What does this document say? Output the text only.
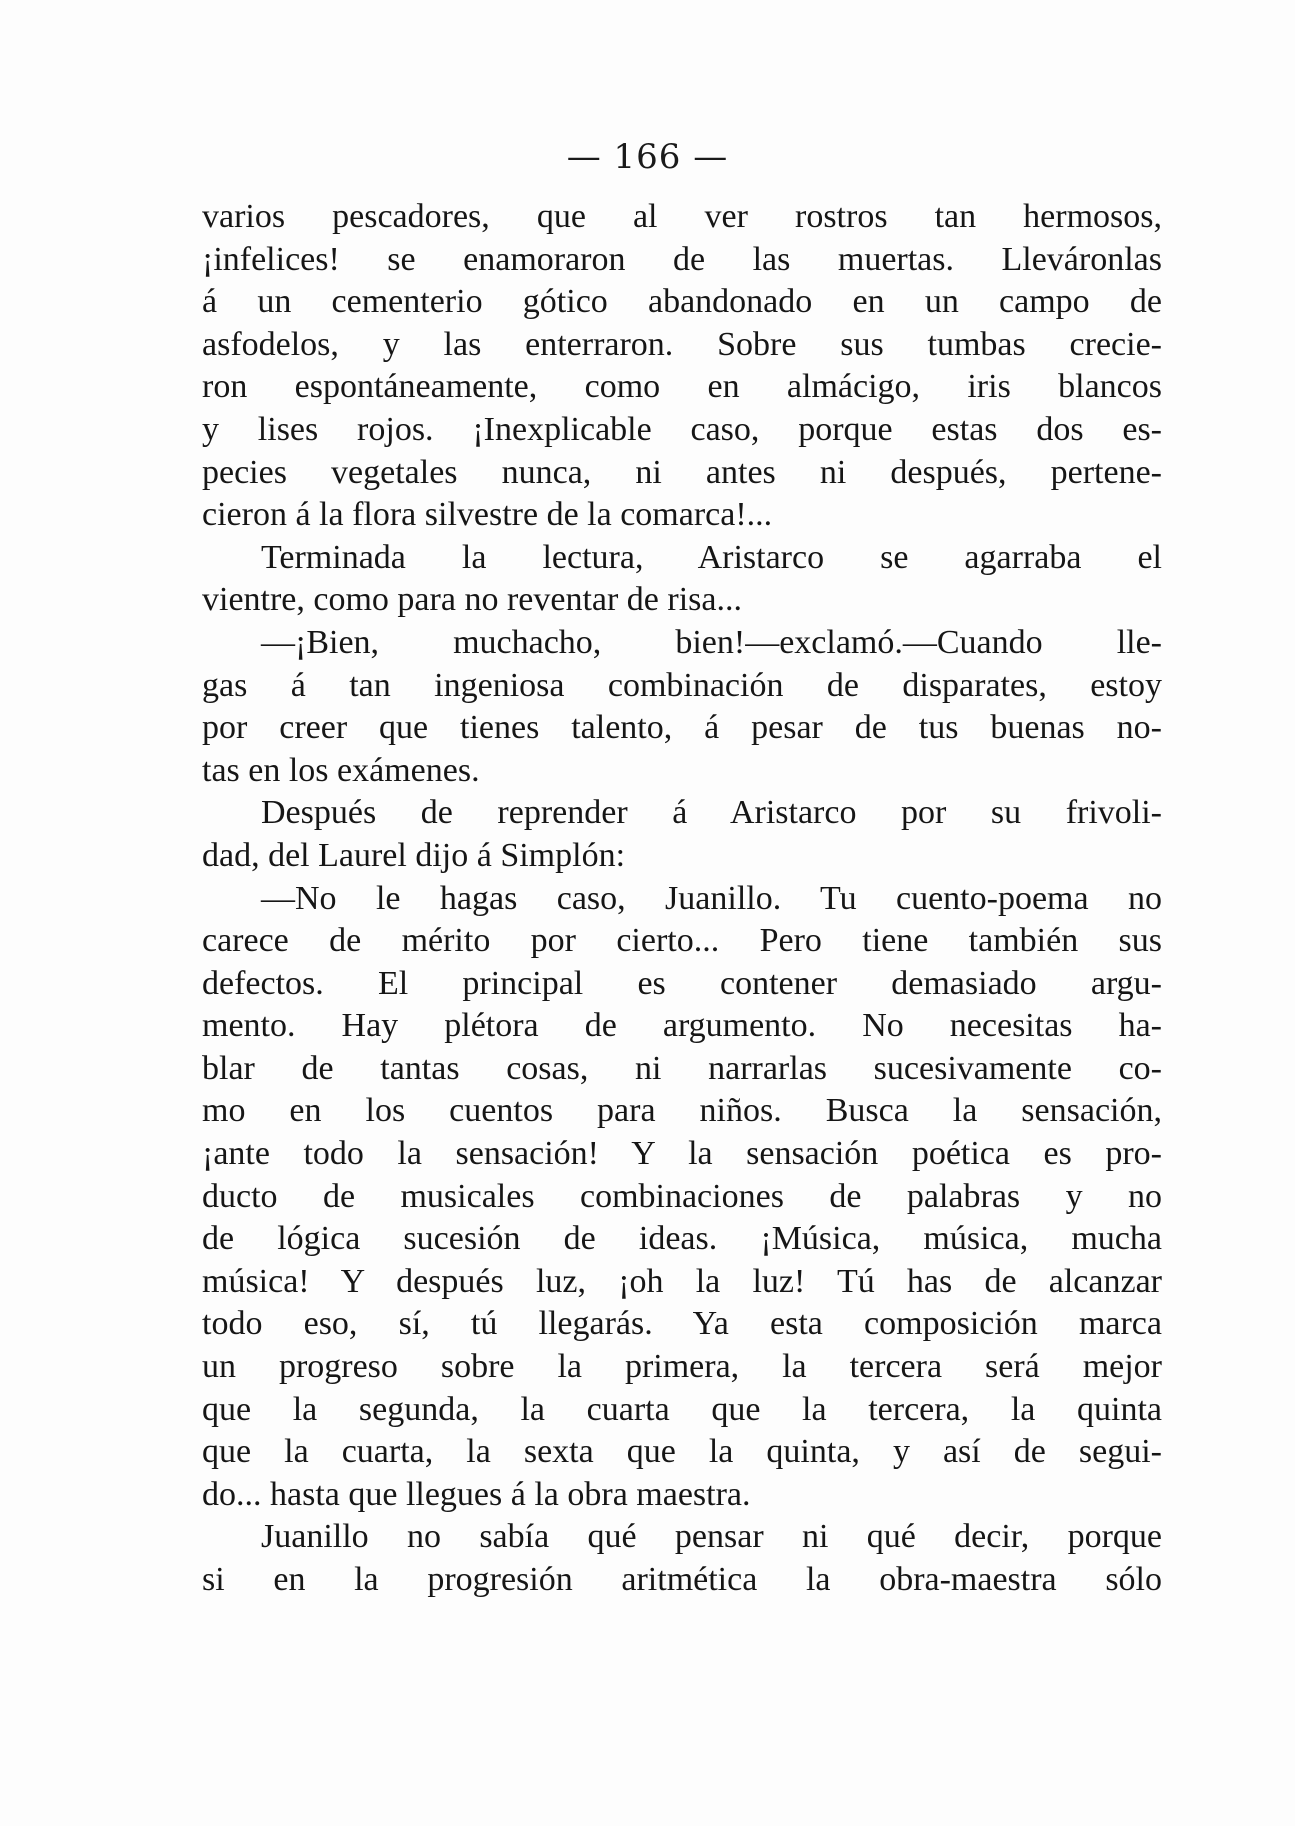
— 166 —
varios pescadores, que al ver rostros tan hermosos,
¡infelices! se enamoraron de las muertas. Lleváronlas
á un cementerio gótico abandonado en un campo de
asfodelos, y las enterraron. Sobre sus tumbas crecie-
ron espontáneamente, como en almácigo, iris blancos
y lises rojos. ¡Inexplicable caso, porque estas dos es-
pecies vegetales nunca, ni antes ni después, pertene-
cieron á la flora silvestre de la comarca!...
Terminada la lectura, Aristarco se agarraba el
vientre, como para no reventar de risa...
—¡Bien, muchacho, bien!—exclamó.—Cuando lle-
gas á tan ingeniosa combinación de disparates, estoy
por creer que tienes talento, á pesar de tus buenas no-
tas en los exámenes.
Después de reprender á Aristarco por su frivoli-
dad, del Laurel dijo á Simplón:
—No le hagas caso, Juanillo. Tu cuento-poema no
carece de mérito por cierto... Pero tiene también sus
defectos. El principal es contener demasiado argu-
mento. Hay plétora de argumento. No necesitas ha-
blar de tantas cosas, ni narrarlas sucesivamente co-
mo en los cuentos para niños. Busca la sensación,
¡ante todo la sensación! Y la sensación poética es pro-
ducto de musicales combinaciones de palabras y no
de lógica sucesión de ideas. ¡Música, música, mucha
música! Y después luz, ¡oh la luz! Tú has de alcanzar
todo eso, sí, tú llegarás. Ya esta composición marca
un progreso sobre la primera, la tercera será mejor
que la segunda, la cuarta que la tercera, la quinta
que la cuarta, la sexta que la quinta, y así de segui-
do... hasta que llegues á la obra maestra.
Juanillo no sabía qué pensar ni qué decir, porque
si en la progresión aritmética la obra-maestra sólo
